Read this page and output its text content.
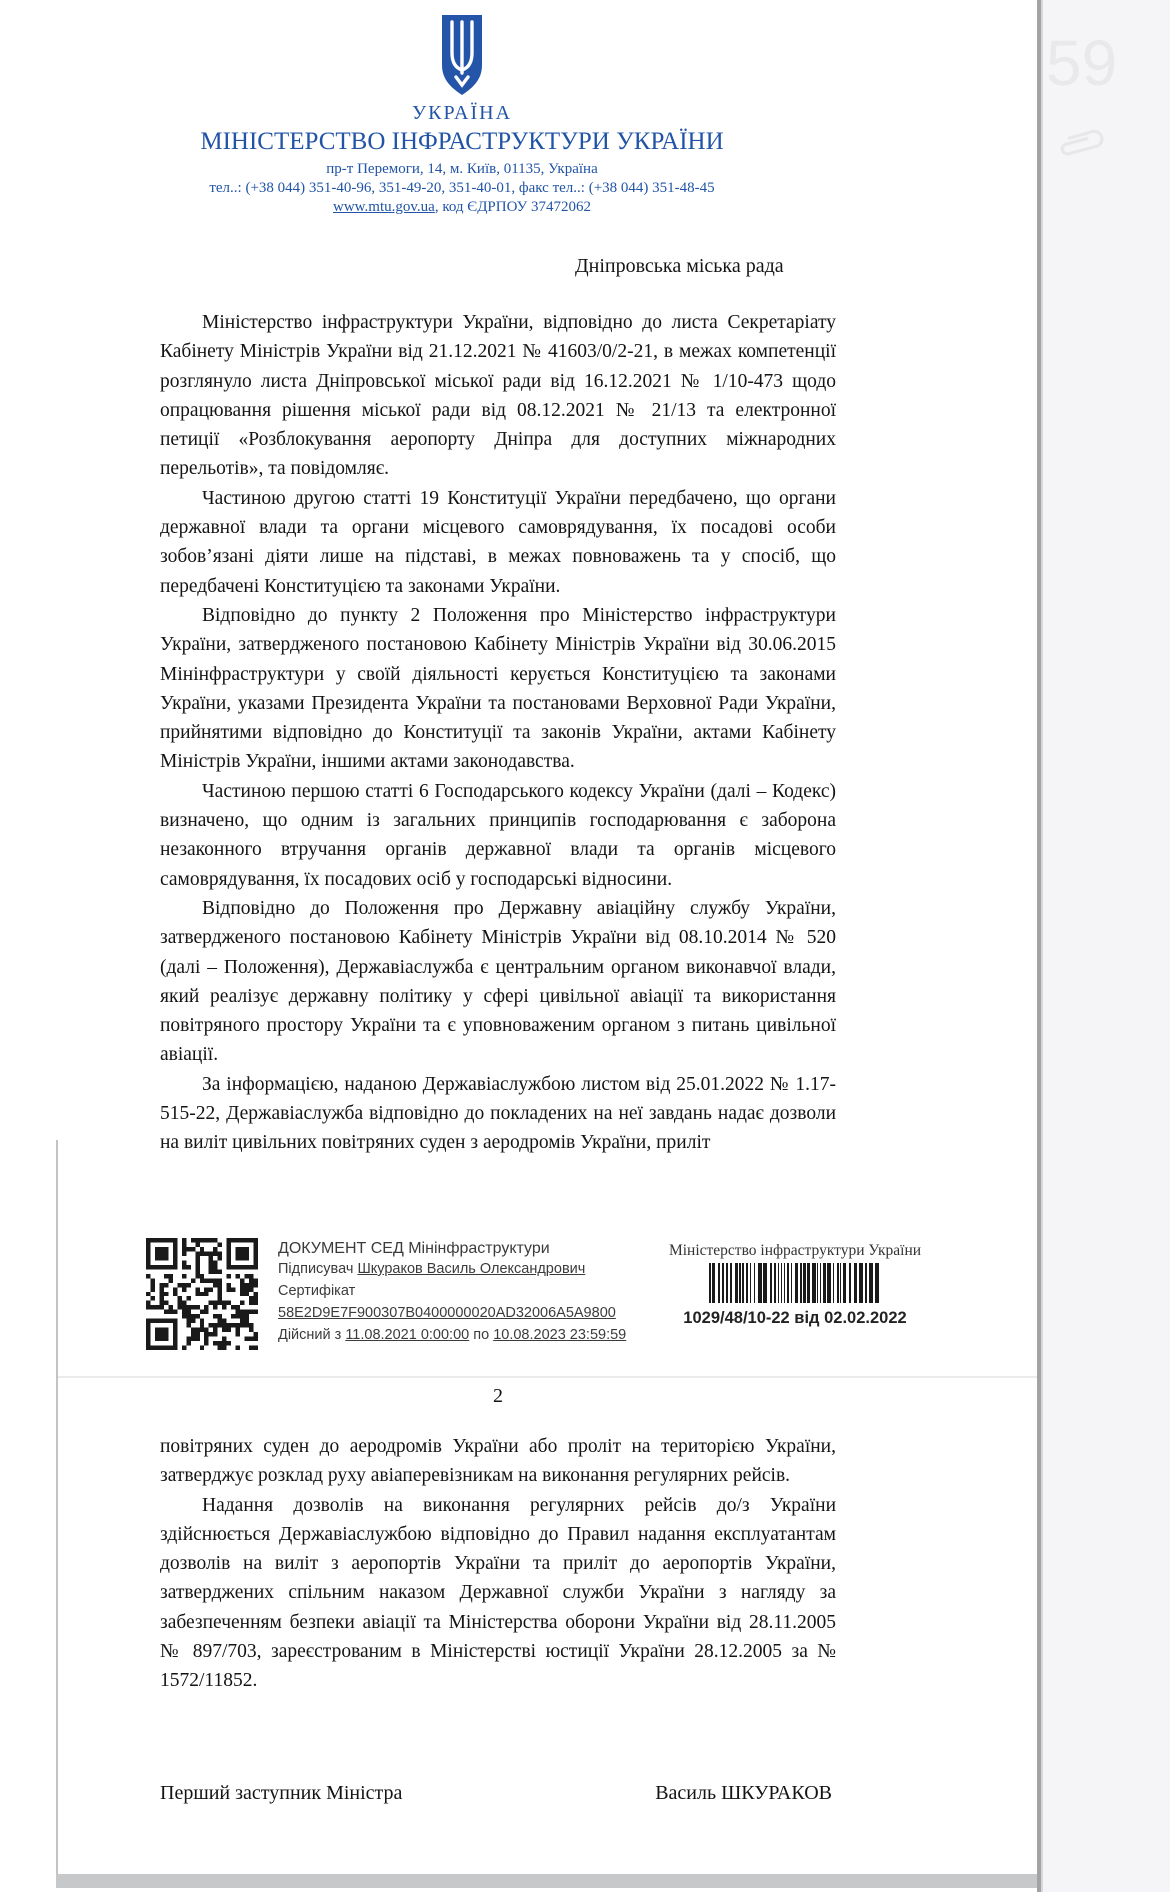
УКРАЇНА
МІНІСТЕРСТВО ІНФРАСТРУКТУРИ УКРАЇНИ
пр-т Перемоги, 14, м. Київ, 01135, Україна
тел..: (+38 044) 351-40-96, 351-49-20, 351-40-01, факс тел..: (+38 044) 351-48-45
www.mtu.gov.ua, код ЄДРПОУ 37472062
Дніпровська міська рада

Міністерство інфраструктури України, відповідно до листа Секретаріату Кабінету Міністрів України від 21.12.2021 № 41603/0/2-21, в межах компетенції розглянуло листа Дніпровської міської ради від 16.12.2021 № 1/10-473 щодо опрацювання рішення міської ради від 08.12.2021 № 21/13 та електронної петиції «Розблокування аеропорту Дніпра для доступних міжнародних перельотів», та повідомляє.

Частиною другою статті 19 Конституції України передбачено, що органи державної влади та органи місцевого самоврядування, їх посадові особи зобов’язані діяти лише на підставі, в межах повноважень та у спосіб, що передбачені Конституцією та законами України.

Відповідно до пункту 2 Положення про Міністерство інфраструктури України, затвердженого постановою Кабінету Міністрів України від 30.06.2015 Мінінфраструктури у своїй діяльності керується Конституцією та законами України, указами Президента України та постановами Верховної Ради України, прийнятими відповідно до Конституції та законів України, актами Кабінету Міністрів України, іншими актами законодавства.

Частиною першою статті 6 Господарського кодексу України (далі – Кодекс) визначено, що одним із загальних принципів господарювання є заборона незаконного втручання органів державної влади та органів місцевого самоврядування, їх посадових осіб у господарські відносини.

Відповідно до Положення про Державну авіаційну службу України, затвердженого постановою Кабінету Міністрів України від 08.10.2014 № 520 (далі – Положення), Державіаслужба є центральним органом виконавчої влади, який реалізує державну політику у сфері цивільної авіації та використання повітряного простору України та є уповноваженим органом з питань цивільної авіації.

За інформацією, наданою Державіаслужбою листом від 25.01.2022 № 1.17-515-22, Державіаслужба відповідно до покладених на неї завдань надає дозволи на виліт цивільних повітряних суден з аеродромів України, приліт

ДОКУМЕНТ СЕД Мінінфраструктури
Підписувач Шкураков Василь Олександрович
Сертифікат 58E2D9E7F900307B0400000020AD32006A5A9800
Дійсний з 11.08.2021 0:00:00 по 10.08.2023 23:59:59
Міністерство інфраструктури України
1029/48/10-22 від 02.02.2022
2

повітряних суден до аеродромів України або проліт на територією України, затверджує розклад руху авіаперевізникам на виконання регулярних рейсів.

Надання дозволів на виконання регулярних рейсів до/з України здійснюється Державіаслужбою відповідно до Правил надання експлуатантам дозволів на виліт з аеропортів України та приліт до аеропортів України, затверджених спільним наказом Державної служби України з нагляду за забезпеченням безпеки авіації та Міністерства оборони України від 28.11.2005 № 897/703, зареєстрованим в Міністерстві юстиції України 28.12.2005 за № 1572/11852.

Перший заступник Міністра	Василь ШКУРАКОВ
59
